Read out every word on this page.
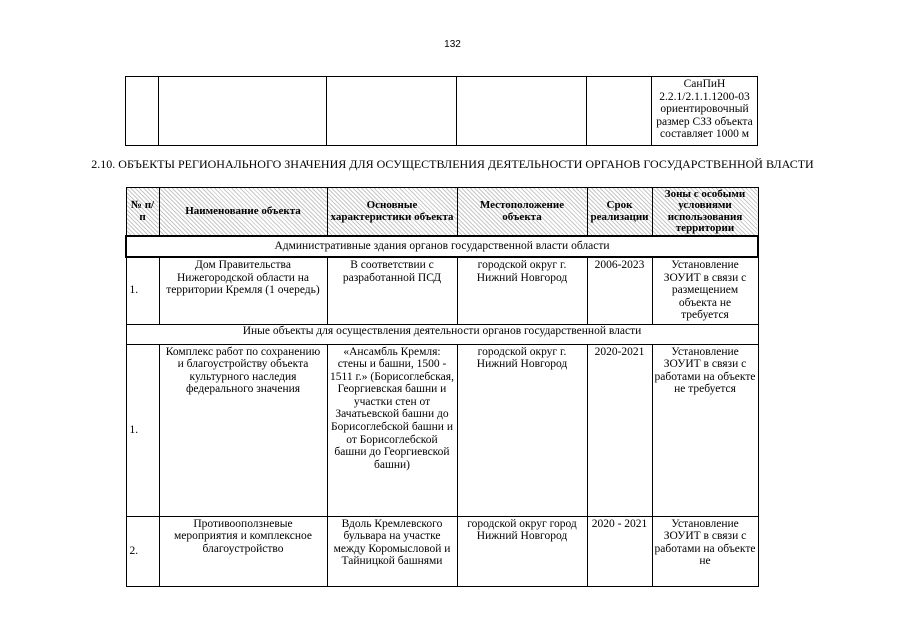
132
					СанПиН 2.2.1/2.1.1.1200-03 ориентировочный размер СЗЗ объекта составляет 1000 м
2.10. ОБЪЕКТЫ РЕГИОНАЛЬНОГО ЗНАЧЕНИЯ ДЛЯ ОСУЩЕСТВЛЕНИЯ ДЕЯТЕЛЬНОСТИ ОРГАНОВ ГОСУДАРСТВЕННОЙ ВЛАСТИ
№ п/п	Наименование объекта	Основные характеристики объекта	Местоположение объекта	Срок реализации	Зоны с особыми условиями использования территории
Административные здания органов государственной власти области					
1.	Дом Правительства Нижегородской области на территории Кремля (1 очередь)	В соответствии с разработанной ПСД	городской округ г. Нижний Новгород	2006-2023	Установление ЗОУИТ в связи с размещением объекта не требуется
Иные объекты для осуществления деятельности органов государственной власти					
1.	Комплекс работ по сохранению и благоустройству объекта культурного наследия федерального значения	«Ансамбль Кремля: стены и башни, 1500 - 1511 г.» (Борисоглебская, Георгиевская башни и участки стен от Зачатьевской башни до Борисоглебской башни и от Борисоглебской башни до Георгиевской башни)	городской округ г. Нижний Новгород	2020-2021	Установление ЗОУИТ в связи с работами на объекте не требуется
2.	Противооползневые мероприятия и комплексное благоустройство	Вдоль Кремлевского бульвара на участке между Коромысловой и Тайницкой башнями	городской округ город Нижний Новгород	2020 - 2021	Установление ЗОУИТ в связи с работами на объекте не
